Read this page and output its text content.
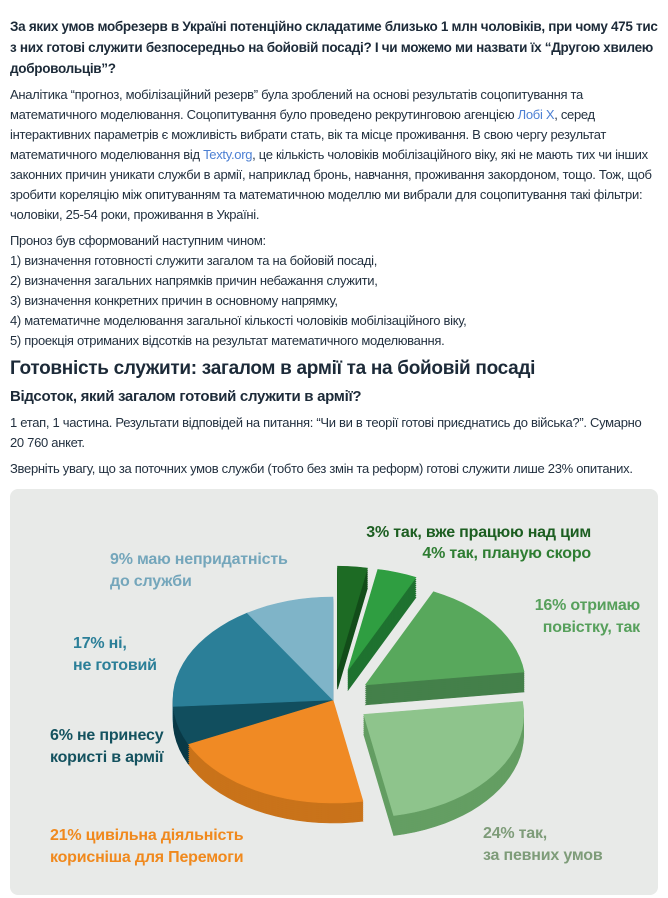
За яких умов мобрезерв в Україні потенційно складатиме близько 1 млн чоловіків, при чому 475 тис з них готові служити безпосередньо на бойовій посаді? І чи можемо ми назвати їх “Другою хвилею добровольців”?

Аналітика “прогноз, мобілізаційний резерв” була зроблений на основі результатів соцопитування та математичного моделювання. Соцопитування було проведено рекрутинговою агенцією Лобі X, серед інтерактивних параметрів є можливість вибрати стать, вік та місце проживання. В свою чергу результат математичного моделювання від Texty.org, це кількість чоловіків мобілізаційного віку, які не мають тих чи інших законних причин уникати служби в армії, наприклад бронь, навчання, проживання закордоном, тощо. Тож, щоб зробити кореляцію між опитуванням та математичною моделлю ми вибрали для соцопитування такі фільтри: чоловіки, 25-54 роки, проживання в Україні.

Проноз був сформований наступним чином:
1) визначення готовності служити загалом та на бойовій посаді,
2) визначення загальних напрямків причин небажання служити,
3) визначення конкретних причин в основному напрямку,
4) математичне моделювання загальної кількості чоловіків мобілізаційного віку,
5) проекція отриманих відсотків на результат математичного моделювання.
Готовність служити: загалом в армії та на бойовій посаді
Відсоток, який загалом готовий служити в армії?

1 етап, 1 частина. Результати відповідей на питання: “Чи ви в теорії готові приєднатись до війська?”. Сумарно 20 760 анкет.

Зверніть увагу, що за поточних умов служби (тобто без змін та реформ) готові служити лише 23% опитаних.

3% так, вже працюю над цим
4% так, планую скоро
16% отримаю
повістку, так
24% так,
за певних умов
21% цивільна діяльність
корисніша для Перемоги
6% не принесу
користі в армії
17% ні,
не готовий
9% маю непридатність
до служби
